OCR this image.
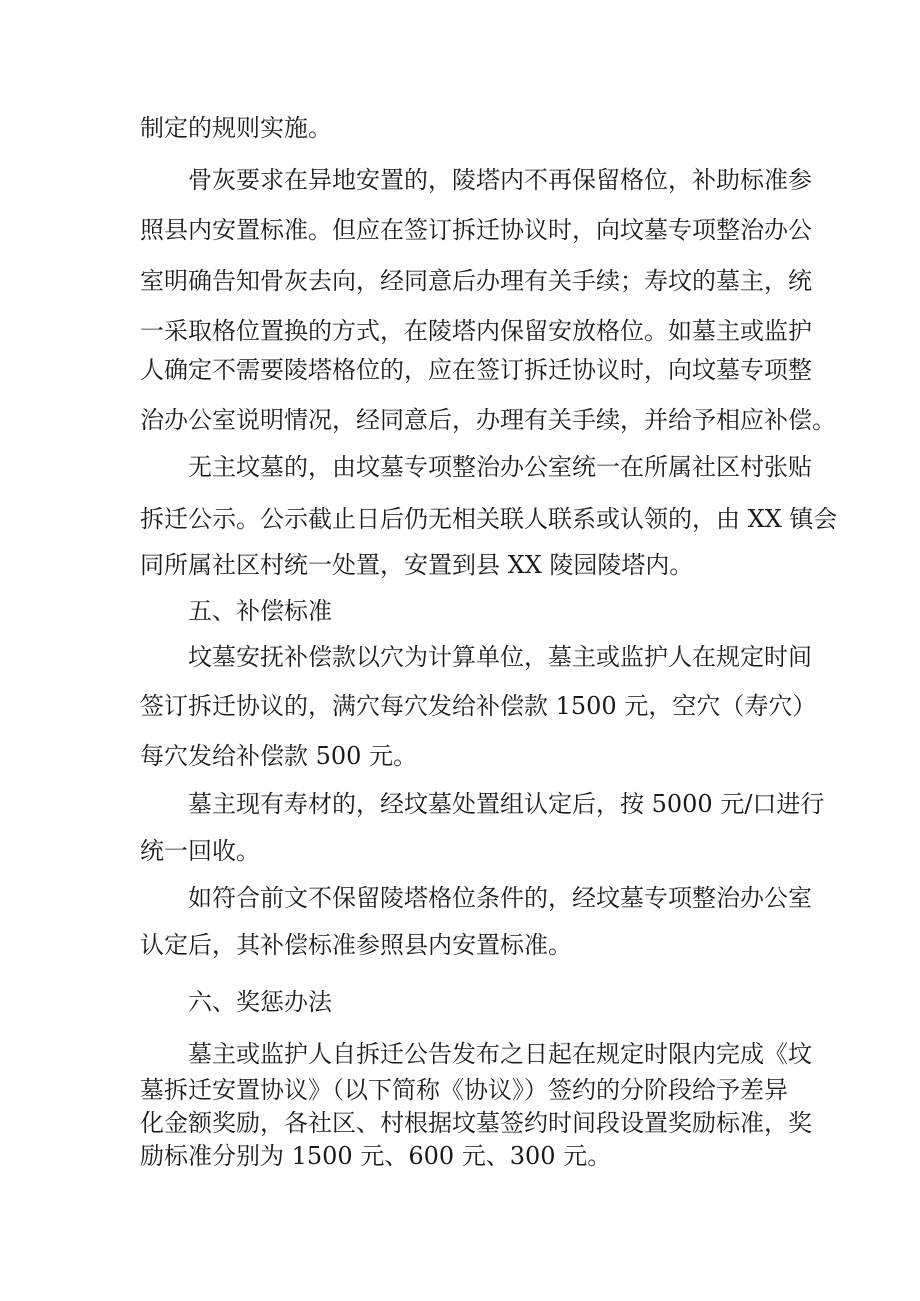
制定的规则实施。
骨灰要求在异地安置的，陵塔内不再保留格位，补助标准参
照县内安置标准。但应在签订拆迁协议时，向坟墓专项整治办公
室明确告知骨灰去向，经同意后办理有关手续；寿坟的墓主，统
一采取格位置换的方式，在陵塔内保留安放格位。如墓主或监护
人确定不需要陵塔格位的，应在签订拆迁协议时，向坟墓专项整
治办公室说明情况，经同意后，办理有关手续，并给予相应补偿。
无主坟墓的，由坟墓专项整治办公室统一在所属社区村张贴
拆迁公示。公示截止日后仍无相关联人联系或认领的，由 XX 镇会
同所属社区村统一处置，安置到县 XX 陵园陵塔内。
五、补偿标准
坟墓安抚补偿款以穴为计算单位，墓主或监护人在规定时间
签订拆迁协议的，满穴每穴发给补偿款 1500 元，空穴（寿穴）
每穴发给补偿款 500 元。
墓主现有寿材的，经坟墓处置组认定后，按 5000 元/口进行
统一回收。
如符合前文不保留陵塔格位条件的，经坟墓专项整治办公室
认定后，其补偿标准参照县内安置标准。
六、奖惩办法
墓主或监护人自拆迁公告发布之日起在规定时限内完成《坟
墓拆迁安置协议》（以下简称《协议》）签约的分阶段给予差异
化金额奖励，各社区、村根据坟墓签约时间段设置奖励标准，奖
励标准分别为 1500 元、600 元、300 元。
